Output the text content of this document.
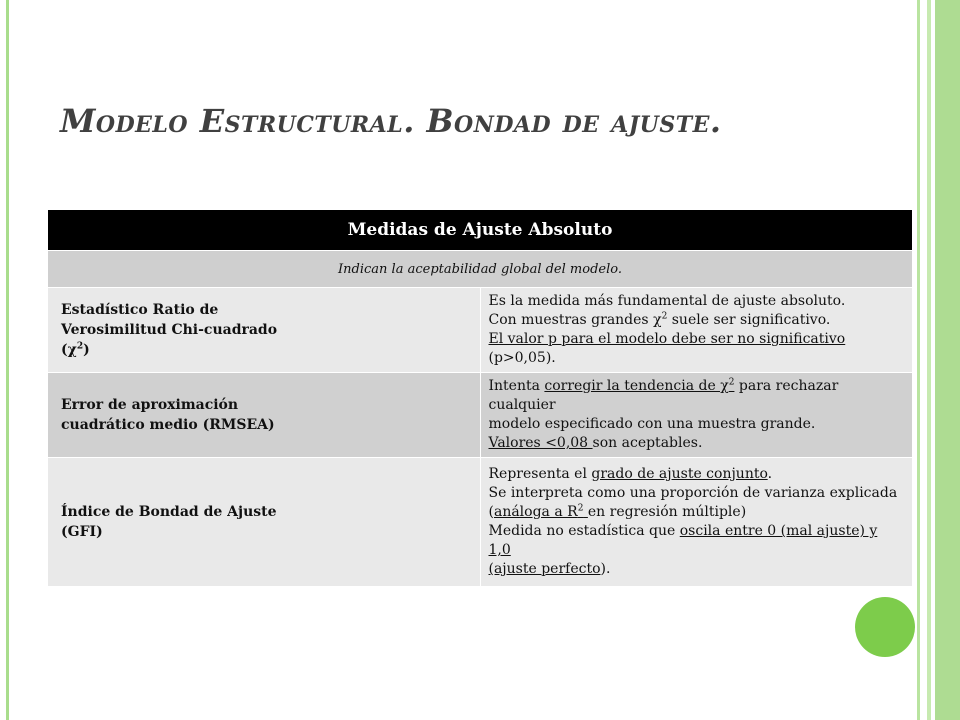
Modelo Estructural. Bondad de ajuste.
Medidas de Ajuste Absoluto	
Indican la aceptabilidad global del modelo.	
Estadístico Ratio de
Verosimilitud Chi-cuadrado
$(\chi^2)$	Es la medida más fundamental de ajuste absoluto.
Con muestras grandes $\chi^2$ suele ser significativo.
El valor p para el modelo debe ser no significativo (p>0,05).

Error de aproximación
cuadrático medio (RMSEA)	Intenta corregir la tendencia de $\chi^2$ para rechazar cualquier
modelo especificado con una muestra grande.
Valores <0,08 son aceptables.

Índice de Bondad de Ajuste
(GFI)	Representa el grado de ajuste conjunto.
Se interpreta como una proporción de varianza explicada
(análoga a $R^2$ en regresión múltiple)
Medida no estadística que oscila entre 0 (mal ajuste) y 1,0
(ajuste perfecto).
